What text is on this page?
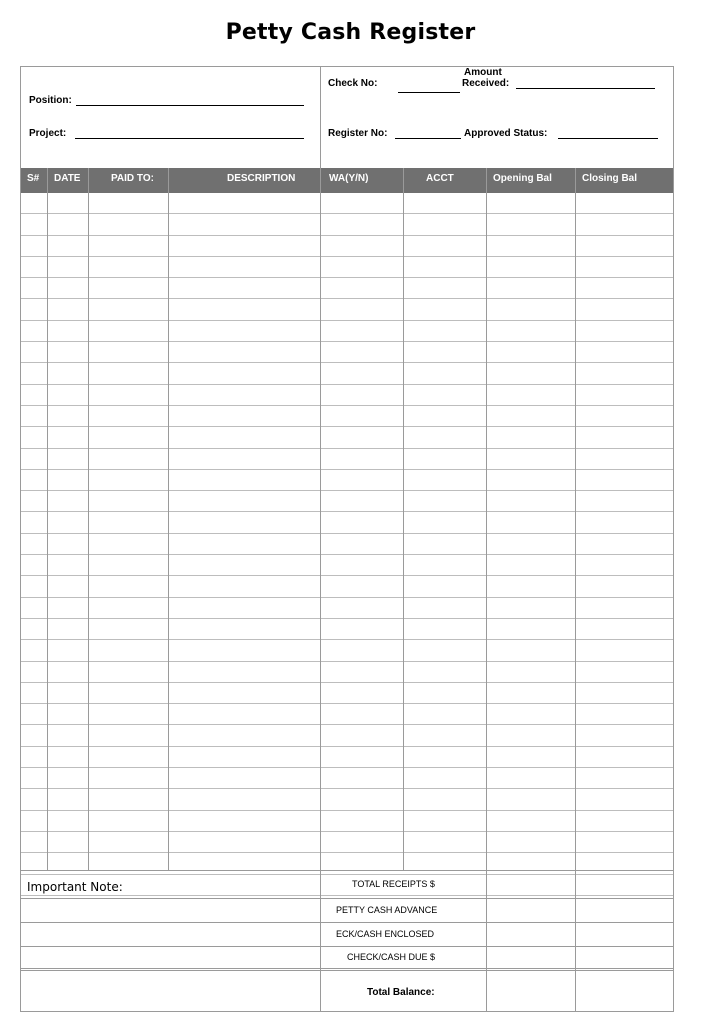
Petty Cash Register
Position:
Project:
Check No:
Amount
Received:
Register No:	Approved Status:
S# DATE	PAID TO:	DESCRIPTION	WA(Y/N)	ACCT	Opening Bal	Closing Bal
Important Note:	TOTAL RECEIPTS $
PETTY CASH ADVANCE
ECK/CASH ENCLOSED
CHECK/CASH DUE $
Total Balance:
